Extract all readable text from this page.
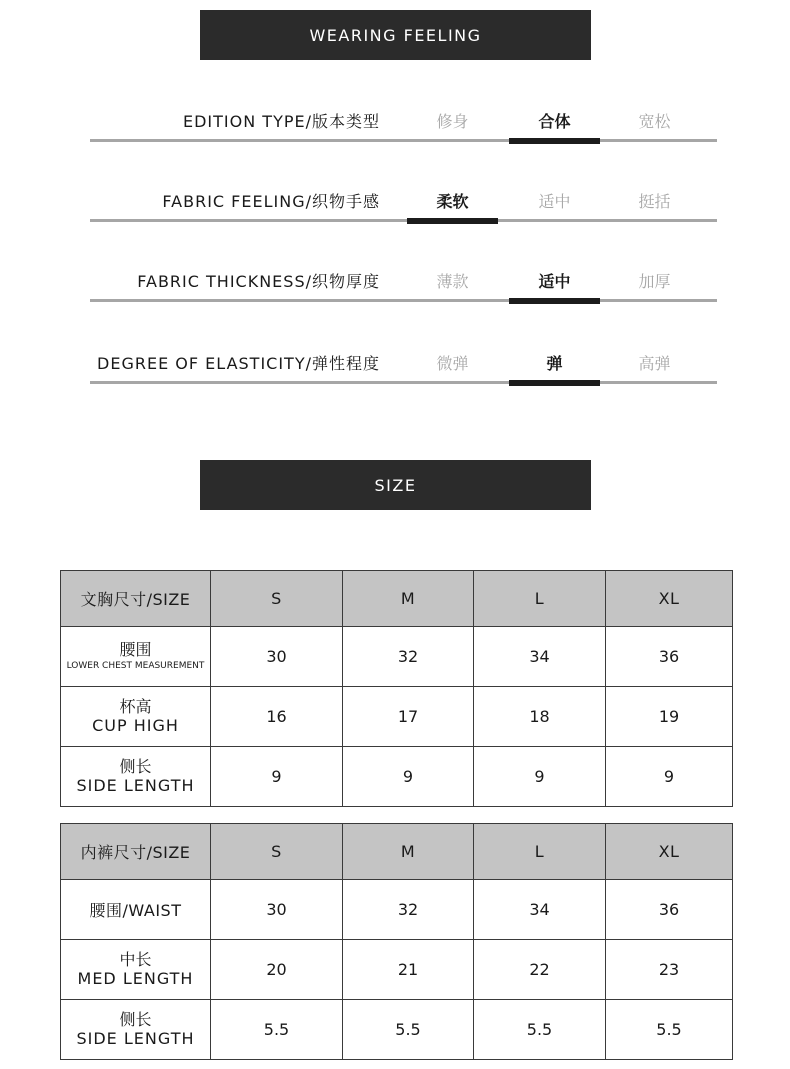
WEARING FEELING
EDITION TYPE/版本类型	修身	合体	宽松
FABRIC FEELING/织物手感	柔软	适中	挺括
FABRIC THICKNESS/织物厚度	薄款	适中	加厚
DEGREE OF ELASTICITY/弹性程度	微弹	弹	高弹
SIZE
文胸尺寸/SIZE	S	M	L	XL

腰围
LOWER CHEST MEASUREMENT	30	32	34	36

杯高
CUP HIGH	16	17	18	19

侧长
SIDE LENGTH	9	9	9	9
内裤尺寸/SIZE	S	M	L	XL
腰围/WAIST	30	32	34	36

中长
MED LENGTH	20	21	22	23

侧长
SIDE LENGTH	5.5	5.5	5.5	5.5
